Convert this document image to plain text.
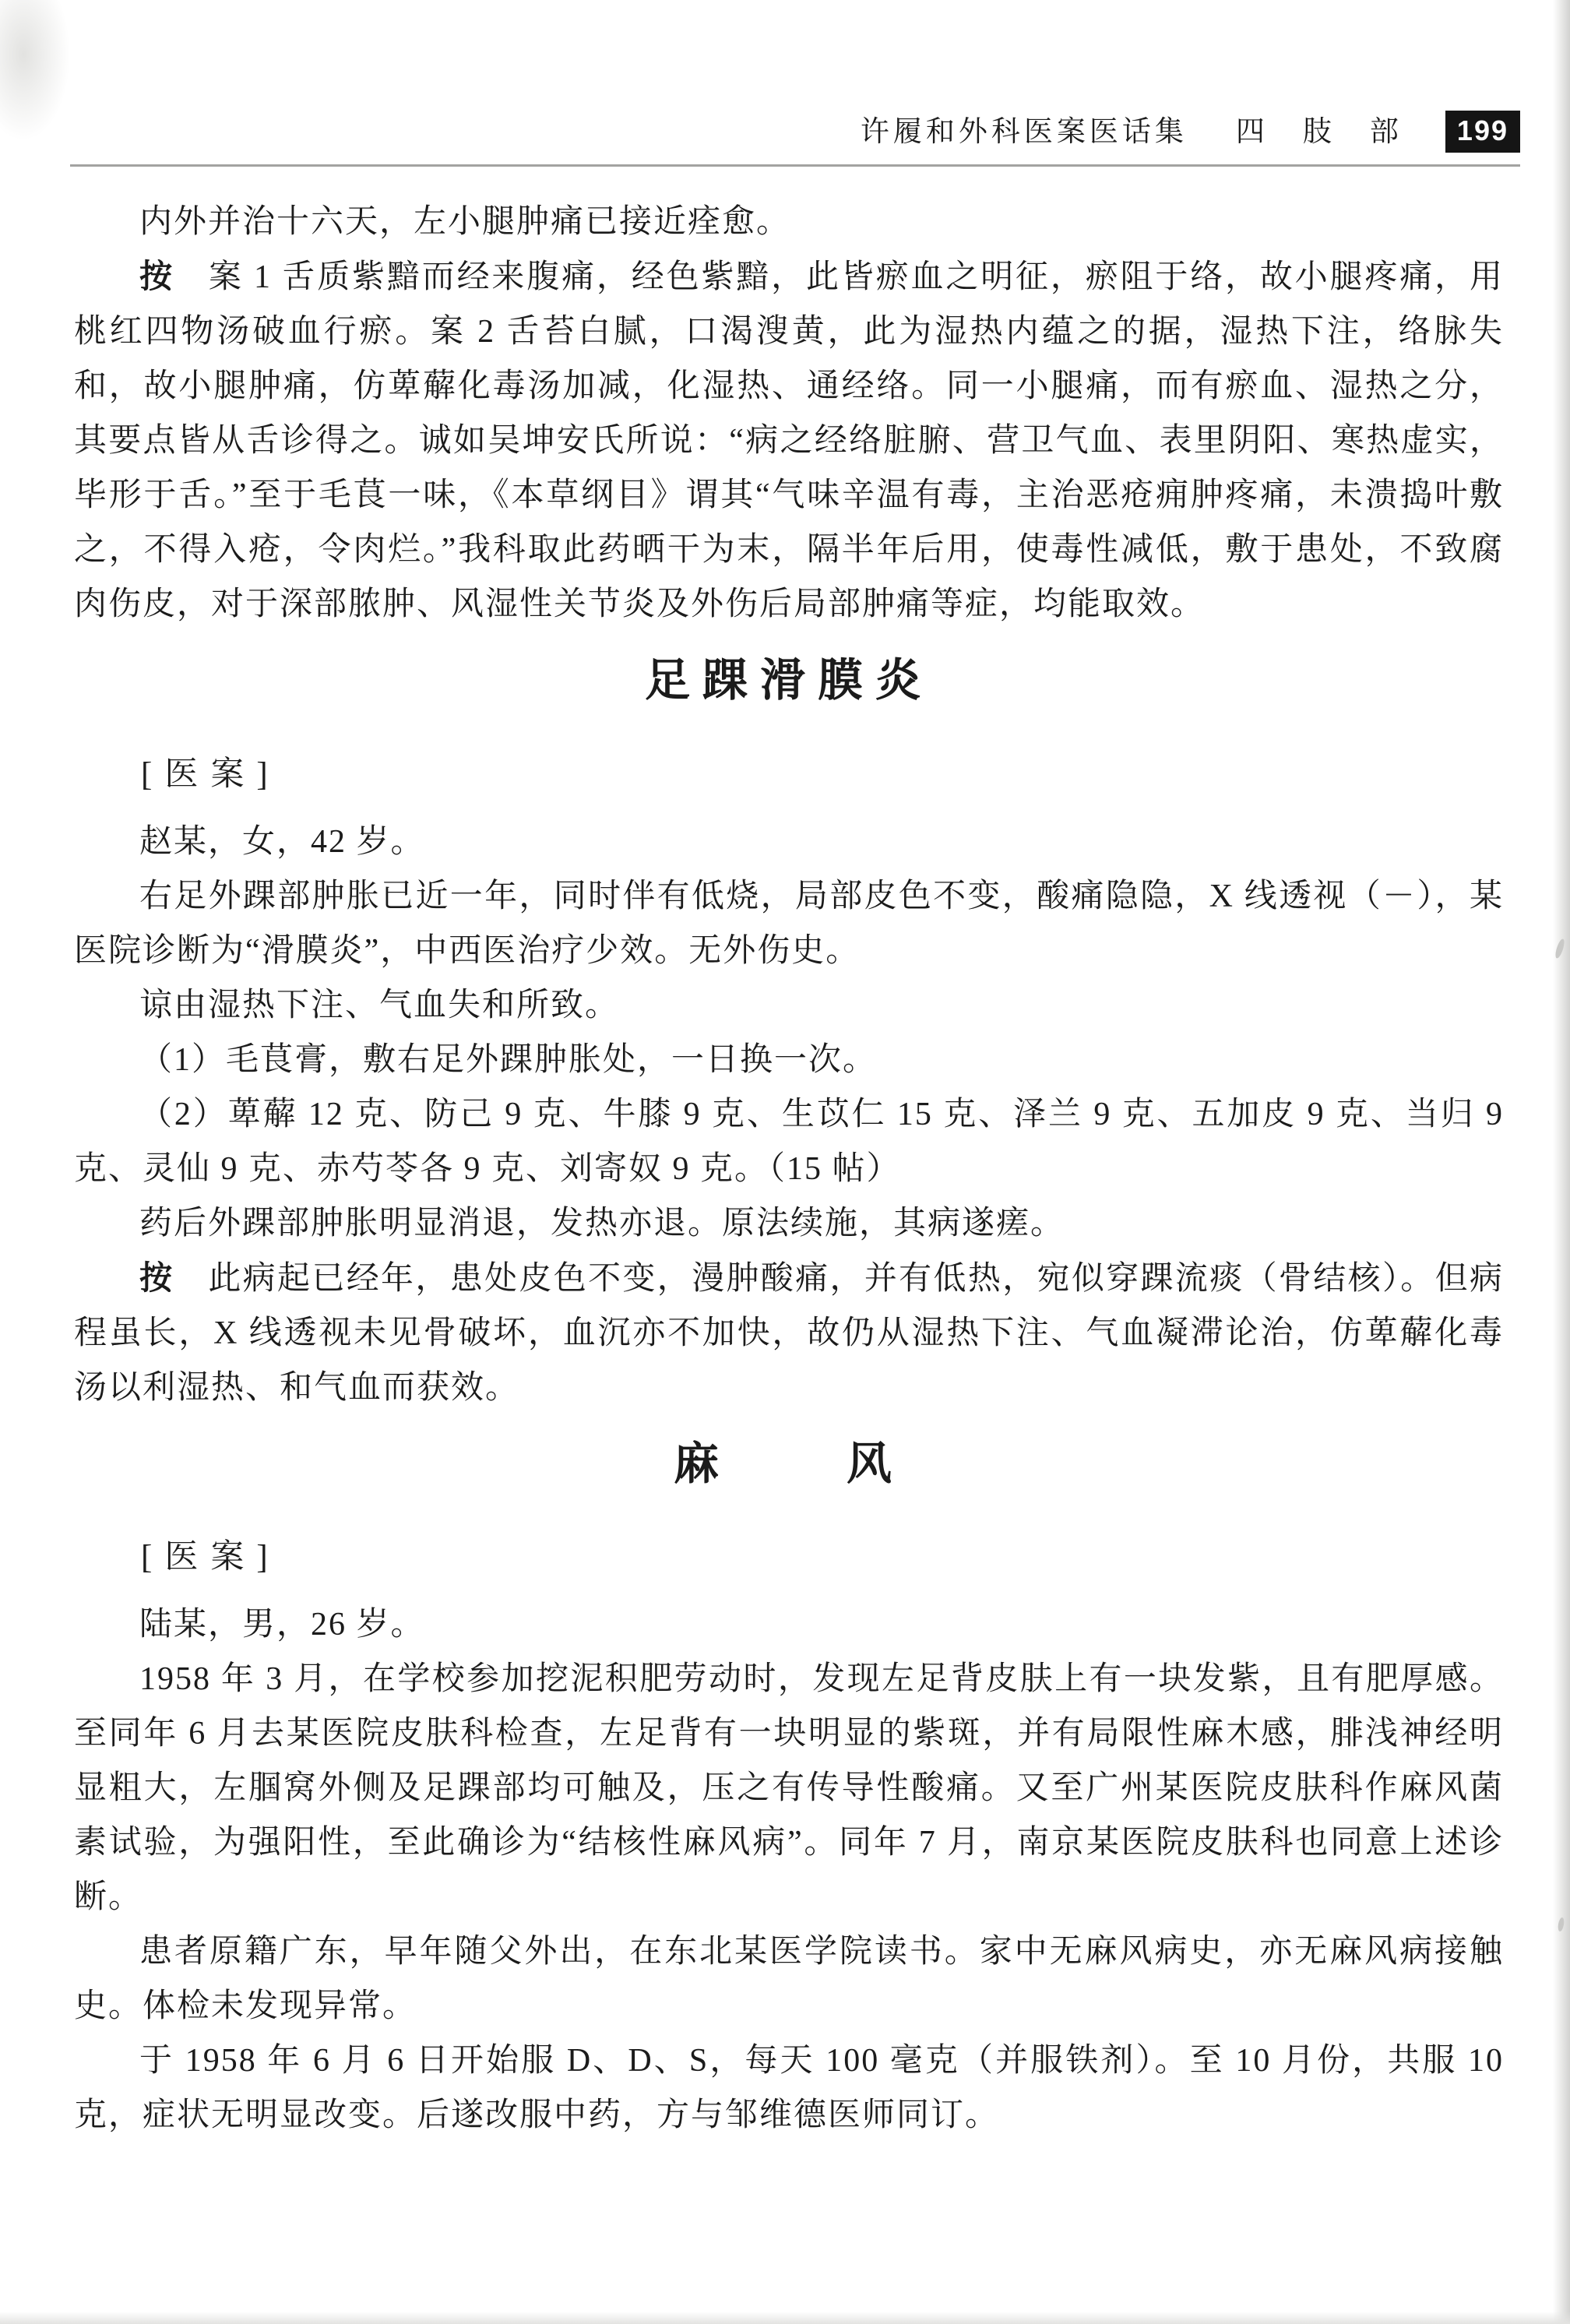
许履和外科医案医话集 四　肢　部	199

内外并治十六天，左小腿肿痛已接近痊愈。

按 案 1 舌质紫黯而经来腹痛，经色紫黯，此皆瘀血之明征，瘀阻于络，故小腿疼痛，用桃红四物汤破血行瘀。案 2 舌苔白腻，口渴溲黄，此为湿热内蕴之的据，湿热下注，络脉失和，故小腿肿痛，仿萆薢化毒汤加减，化湿热、通经络。同一小腿痛，而有瘀血、湿热之分，其要点皆从舌诊得之。诚如吴坤安氏所说：“病之经络脏腑、营卫气血、表里阴阳、寒热虚实，毕形于舌。”至于毛茛一味，《本草纲目》谓其“气味辛温有毒，主治恶疮痈肿疼痛，未溃捣叶敷之，不得入疮，令肉烂。”我科取此药晒干为末，隔半年后用，使毒性减低，敷于患处，不致腐肉伤皮，对于深部脓肿、风湿性关节炎及外伤后局部肿痛等症，均能取效。

足踝滑膜炎

[医案]

赵某，女，42 岁。

右足外踝部肿胀已近一年，同时伴有低烧，局部皮色不变，酸痛隐隐，X 线透视（－），某医院诊断为“滑膜炎”，中西医治疗少效。无外伤史。

谅由湿热下注、气血失和所致。

（1）毛茛膏，敷右足外踝肿胀处，一日换一次。

（2）萆薢 12 克、防己 9 克、牛膝 9 克、生苡仁 15 克、泽兰 9 克、五加皮 9 克、当归 9 克、灵仙 9 克、赤芍苓各 9 克、刘寄奴 9 克。（15 帖）

药后外踝部肿胀明显消退，发热亦退。原法续施，其病遂瘥。

按 此病起已经年，患处皮色不变，漫肿酸痛，并有低热，宛似穿踝流痰（骨结核）。但病程虽长，X 线透视未见骨破坏，血沉亦不加快，故仍从湿热下注、气血凝滞论治，仿萆薢化毒汤以利湿热、和气血而获效。

麻　　风

[医案]

陆某，男，26 岁。

1958 年 3 月，在学校参加挖泥积肥劳动时，发现左足背皮肤上有一块发紫，且有肥厚感。至同年 6 月去某医院皮肤科检查，左足背有一块明显的紫斑，并有局限性麻木感，腓浅神经明显粗大，左腘窝外侧及足踝部均可触及，压之有传导性酸痛。又至广州某医院皮肤科作麻风菌素试验，为强阳性，至此确诊为“结核性麻风病”。同年 7 月，南京某医院皮肤科也同意上述诊断。

患者原籍广东，早年随父外出，在东北某医学院读书。家中无麻风病史，亦无麻风病接触史。体检未发现异常。

于 1958 年 6 月 6 日开始服 D、D、S，每天 100 毫克（并服铁剂）。至 10 月份，共服 10 克，症状无明显改变。后遂改服中药，方与邹维德医师同订。
